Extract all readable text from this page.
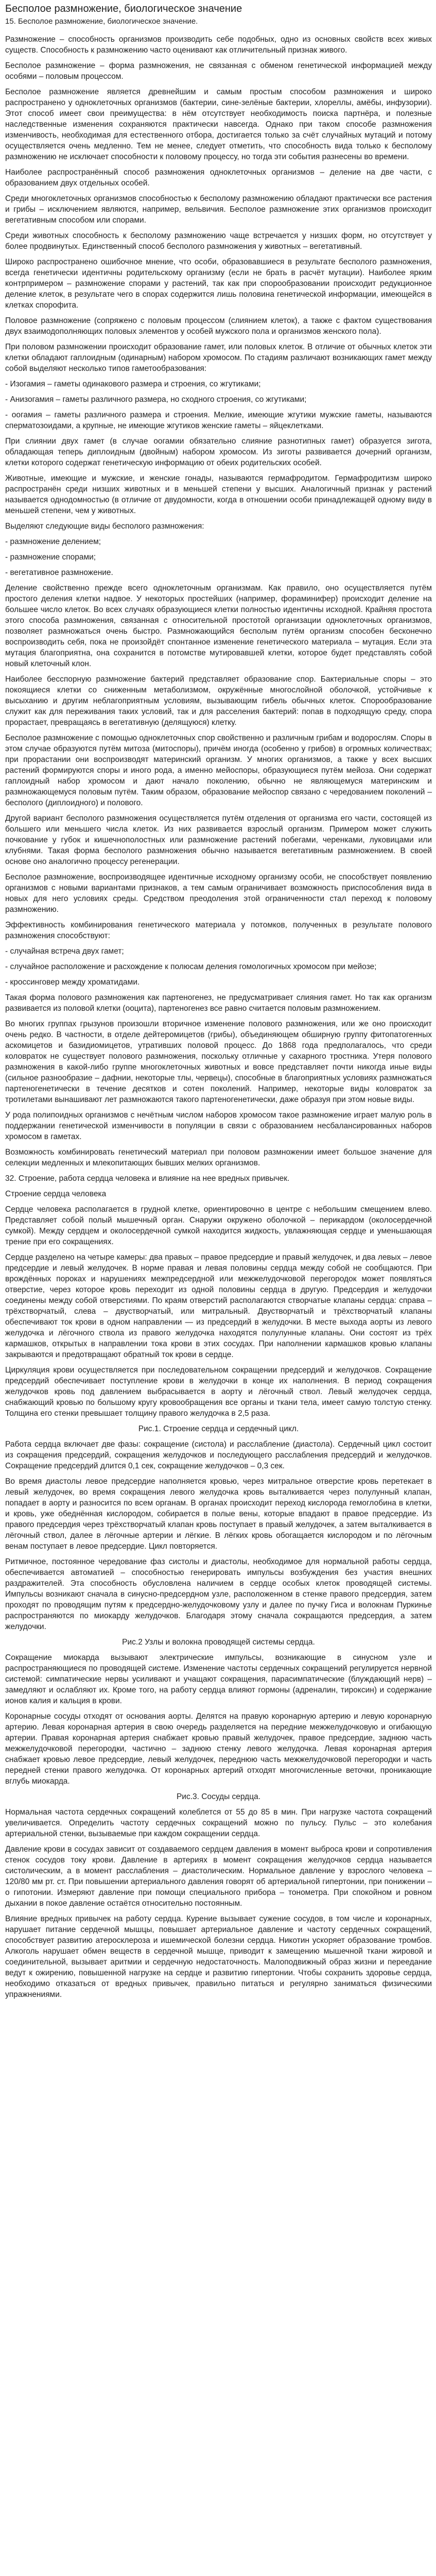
Бесполое размножение, биологическое значение
15. Бесполое размножение, биологическое значение.

Размножение – способность организмов производить себе подобных, одно из основных свойств всех живых существ. Способность к размножению часто оценивают как отличительный признак живого.

Бесполое размножение – форма размножения, не связанная с обменом генетической информацией между особями – половым процессом.

Бесполое размножение является древнейшим и самым простым способом размножения и широко распространено у одноклеточных организмов (бактерии, сине-зелёные бактерии, хлореллы, амёбы, инфузории). Этот способ имеет свои преимущества: в нём отсутствует необходимость поиска партнёра, и полезные наследственные изменения сохраняются практически навсегда. Однако при таком способе размножения изменчивость, необходимая для естественного отбора, достигается только за счёт случайных мутаций и потому осуществляется очень медленно. Тем не менее, следует отметить, что способность вида только к бесполому размножению не исключает способности к половому процессу, но тогда эти события разнесены во времени.

Наиболее распространённый способ размножения одноклеточных организмов – деление на две части, с образованием двух отдельных особей.

Среди многоклеточных организмов способностью к бесполому размножению обладают практически все растения и грибы – исключением являются, например, вельвичия. Бесполое размножение этих организмов происходит вегетативным способом или спорами.

Среди животных способность к бесполому размножению чаще встречается у низших форм, но отсутствует у более продвинутых. Единственный способ бесполого размножения у животных – вегетативный.

Широко распространено ошибочное мнение, что особи, образовавшиеся в результате бесполого размножения, всегда генетически идентичны родительскому организму (если не брать в расчёт мутации). Наиболее ярким контрпримером – размножение спорами у растений, так как при спорообразовании происходит редукционное деление клеток, в результате чего в спорах содержится лишь половина генетической информации, имеющейся в клетках спорофита.

Половое размножение (сопряжено с половым процессом (слиянием клеток), а также с фактом существования двух взаимодополняющих половых элементов у особей мужского пола и организмов женского пола).

При половом размножении происходит образование гамет, или половых клеток. В отличие от обычных клеток эти клетки обладают гаплоидным (одинарным) набором хромосом. По стадиям различают возникающих гамет между собой выделяют несколько типов гаметообразования:

- Изогамия – гаметы одинакового размера и строения, со жгутиками;

- Анизогамия – гаметы различного размера, но сходного строения, со жгутиками;

- оогамия – гаметы различного размера и строения. Мелкие, имеющие жгутики мужские гаметы, называются сперматозоидами, а крупные, не имеющие жгутиков женские гаметы – яйцеклетками.

При слиянии двух гамет (в случае оогамии обязательно слияние разнотипных гамет) образуется зигота, обладающая теперь диплоидным (двойным) набором хромосом. Из зиготы развивается дочерний организм, клетки которого содержат генетическую информацию от обеих родительских особей.

Животные, имеющие и мужские, и женские гонады, называются гермафродитом. Гермафродитизм широко распространён среди низших животных и в меньшей степени у высших. Аналогичный признак у растений называется однодомностью (в отличие от двудомности, когда в отношении особи принадлежащей одному виду в меньшей степени, чем у животных.

Выделяют следующие виды бесполого размножения:

- размножение делением;

- размножение спорами;

- вегетативное размножение.

Деление свойственно прежде всего одноклеточным организмам. Как правило, оно осуществляется путём простого деления клетки надвое. У некоторых простейших (например, фораминифер) происходит деление на большее число клеток. Во всех случаях образующиеся клетки полностью идентичны исходной. Крайняя простота этого способа размножения, связанная с относительной простотой организации одноклеточных организмов, позволяет размножаться очень быстро. Размножающийся бесполым путём организм способен бесконечно воспроизводить себя, пока не произойдёт спонтанное изменение генетического материала – мутация. Если эта мутация благоприятна, она сохранится в потомстве мутировавшей клетки, которое будет представлять собой новый клеточный клон.

Наиболее бесспорную размножение бактерий представляет образование спор. Бактериальные споры – это покоящиеся клетки со сниженным метаболизмом, окружённые многослойной оболочкой, устойчивые к высыханию и другим неблагоприятным условиям, вызывающим гибель обычных клеток. Спорообразование служит как для переживания таких условий, так и для расселения бактерий: попав в подходящую среду, спора прорастает, превращаясь в вегетативную (делящуюся) клетку.

Бесполое размножение с помощью одноклеточных спор свойственно и различным грибам и водорослям. Споры в этом случае образуются путём митоза (митоспоры), причём иногда (особенно у грибов) в огромных количествах; при прорастании они воспроизводят материнский организм. У многих организмов, а также у всех высших растений формируются споры и иного рода, а именно мейоспоры, образующиеся путём мейоза. Они содержат гаплоидный набор хромосом и дают начало поколению, обычно не являющемуся материнским и размножающемуся половым путём. Таким образом, образование мейоспор связано с чередованием поколений – бесполого (диплоидного) и полового.

Другой вариант бесполого размножения осуществляется путём отделения от организма его части, состоящей из большего или меньшего числа клеток. Из них развивается взрослый организм. Примером может служить почкование у губок и кишечнополостных или размножение растений побегами, черенками, луковицами или клубнями. Такая форма бесполого размножения обычно называется вегетативным размножением. В своей основе оно аналогично процессу регенерации.

Бесполое размножение, воспроизводящее идентичные исходному организму особи, не способствует появлению организмов с новыми вариантами признаков, а тем самым ограничивает возможность приспособления вида в новых для него условиях среды. Средством преодоления этой ограниченности стал переход к половому размножению.

Эффективность комбинирования генетического материала у потомков, полученных в результате полового размножения способствуют:

- случайная встреча двух гамет;

- случайное расположение и расхождение к полюсам деления гомологичных хромосом при мейозе;

- кроссинговер между хроматидами.

Такая форма полового размножения как партеногенез, не предусматривает слияния гамет. Но так как организм развивается из половой клетки (ооцита), партеногенез все равно считается половым размножением.

Во многих группах грызунов произошли вторичное изменение полового размножения, или же оно происходит очень редко. В частности, в отделе дейтеромицетов (грибы), объединяющем обширную группу фитопатогенных аскомицетов и базидиомицетов, утративших половой процесс. До 1868 года предполагалось, что среди коловраток не существует полового размножения, поскольку отличные у сахарного тростника. Утеря полового размножения в какой-либо группе многоклеточных животных и вовсе представляет почти никогда иные виды (сильное разнообразие – дафнии, некоторые тлы, червецы), способные в благоприятных условиях размножаться партеногенетически в течение десятков и сотен поколений. Например, некоторые виды коловраток за тротилетами вынашивают лет размножаются такого партеногенетически, даже образуя при этом новые виды.

У рода полипоидных организмов с нечётным числом наборов хромосом такое размножение играет малую роль в поддержании генетической изменчивости в популяции в связи с образованием несбалансированных наборов хромосом в гаметах.

Возможность комбинировать генетический материал при половом размножении имеет большое значение для селекции медленных и млекопитающих бывших мелких организмов.

32. Строение, работа сердца человека и влияние на нее вредных привычек.

Строение сердца человека

Сердце человека располагается в грудной клетке, ориентировочно в центре с небольшим смещением влево. Представляет собой полый мышечный орган. Снаружи окружено оболочкой – перикардом (околосердечной сумкой). Между сердцем и околосердечной сумкой находится жидкость, увлажняющая сердце и уменьшающая трение при его сокращениях.

Сердце разделено на четыре камеры: два правых – правое предсердие и правый желудочек, и два левых – левое предсердие и левый желудочек. В норме правая и левая половины сердца между собой не сообщаются. При врождённых пороках и нарушениях межпредсердной или межжелудочковой перегородок может появляться отверстие, через которое кровь переходит из одной половины сердца в другую. Предсердия и желудочки соединены между собой отверстиями. По краям отверстий располагаются створчатые клапаны сердца: справа – трёхстворчатый, слева – двустворчатый, или митральный. Двустворчатый и трёхстворчатый клапаны обеспечивают ток крови в одном направлении — из предсердий в желудочки. В месте выхода аорты из левого желудочка и лёгочного ствола из правого желудочка находятся полулунные клапаны. Они состоят из трёх кармашков, открытых в направлении тока крови в этих сосудах. При наполнении кармашков кровью клапаны закрываются и предотвращают обратный ток крови в сердце.

Циркуляция крови осуществляется при последовательном сокращении предсердий и желудочков. Сокращение предсердий обеспечивает поступление крови в желудочки в конце их наполнения. В период сокращения желудочков кровь под давлением выбрасывается в аорту и лёгочный ствол. Левый желудочек сердца, снабжающий кровью по большому кругу кровообращения все органы и ткани тела, имеет самую толстую стенку. Толщина его стенки превышает толщину правого желудочка в 2,5 раза.

Рис.1. Строение сердца и сердечный цикл.

Работа сердца включает две фазы: сокращение (систола) и расслабление (диастола). Сердечный цикл состоит из сокращения предсердий, сокращения желудочков и последующего расслабления предсердий и желудочков. Сокращение предсердий длится 0,1 сек, сокращение желудочков – 0,3 сек.

Во время диастолы левое предсердие наполняется кровью, через митральное отверстие кровь перетекает в левый желудочек, во время сокращения левого желудочка кровь выталкивается через полулунный клапан, попадает в аорту и разносится по всем органам. В органах происходит переход кислорода гемоглобина в клетки, и кровь, уже обеднённая кислородом, собирается в полые вены, которые впадают в правое предсердие. Из правого предсердия через трёхстворчатый клапан кровь поступает в правый желудочек, а затем выталкивается в лёгочный ствол, далее в лёгочные артерии и лёгкие. В лёгких кровь обогащается кислородом и по лёгочным венам поступает в левое предсердие. Цикл повторяется.

Ритмичное, постоянное чередование фаз систолы и диастолы, необходимое для нормальной работы сердца, обеспечивается автоматией – способностью генерировать импульсы возбуждения без участия внешних раздражителей. Эта способность обусловлена наличием в сердце особых клеток проводящей системы. Импульсы возникают сначала в синусно-предсердном узле, расположенном в стенке правого предсердия, затем проходят по проводящим путям к предсердно-желудочковому узлу и далее по пучку Гиса и волокнам Пуркинье распространяются по миокарду желудочков. Благодаря этому сначала сокращаются предсердия, а затем желудочки.

Рис.2 Узлы и волокна проводящей системы сердца.

Сокращение миокарда вызывают электрические импульсы, возникающие в синусном узле и распространяющиеся по проводящей системе. Изменение частоты сердечных сокращений регулируется нервной системой: симпатические нервы усиливают и учащают сокращения, парасимпатические (блуждающий нерв) – замедляют и ослабляют их. Кроме того, на работу сердца влияют гормоны (адреналин, тироксин) и содержание ионов калия и кальция в крови.

Коронарные сосуды отходят от основания аорты. Делятся на правую коронарную артерию и левую коронарную артерию. Левая коронарная артерия в свою очередь разделяется на передние межжелудочковую и огибающую артерии. Правая коронарная артерия снабжает кровью правый желудочек, правое предсердие, заднюю часть межжелудочковой перегородки, частично – заднюю стенку левого желудочка. Левая коронарная артерия снабжает кровью левое предсердие, левый желудочек, переднюю часть межжелудочковой перегородки и часть передней стенки правого желудочка. От коронарных артерий отходят многочисленные веточки, проникающие вглубь миокарда.

Рис.3. Сосуды сердца.

Нормальная частота сердечных сокращений колеблется от 55 до 85 в мин. При нагрузке частота сокращений увеличивается. Определить частоту сердечных сокращений можно по пульсу. Пульс – это колебания артериальной стенки, вызываемые при каждом сокращении сердца.

Давление крови в сосудах зависит от создаваемого сердцем давления в момент выброса крови и сопротивления стенок сосудов току крови. Давление в артериях в момент сокращения желудочков сердца называется систолическим, а в момент расслабления – диастолическим. Нормальное давление у взрослого человека – 120/80 мм рт. ст. При повышении артериального давления говорят об артериальной гипертонии, при понижении – о гипотонии. Измеряют давление при помощи специального прибора – тонометра. При спокойном и ровном дыхании в покое давление остаётся относительно постоянным.

Влияние вредных привычек на работу сердца. Курение вызывает сужение сосудов, в том числе и коронарных, нарушает питание сердечной мышцы, повышает артериальное давление и частоту сердечных сокращений, способствует развитию атеросклероза и ишемической болезни сердца. Никотин ускоряет образование тромбов. Алкоголь нарушает обмен веществ в сердечной мышце, приводит к замещению мышечной ткани жировой и соединительной, вызывает аритмии и сердечную недостаточность. Малоподвижный образ жизни и переедание ведут к ожирению, повышенной нагрузке на сердце и развитию гипертонии. Чтобы сохранить здоровье сердца, необходимо отказаться от вредных привычек, правильно питаться и регулярно заниматься физическими упражнениями.
